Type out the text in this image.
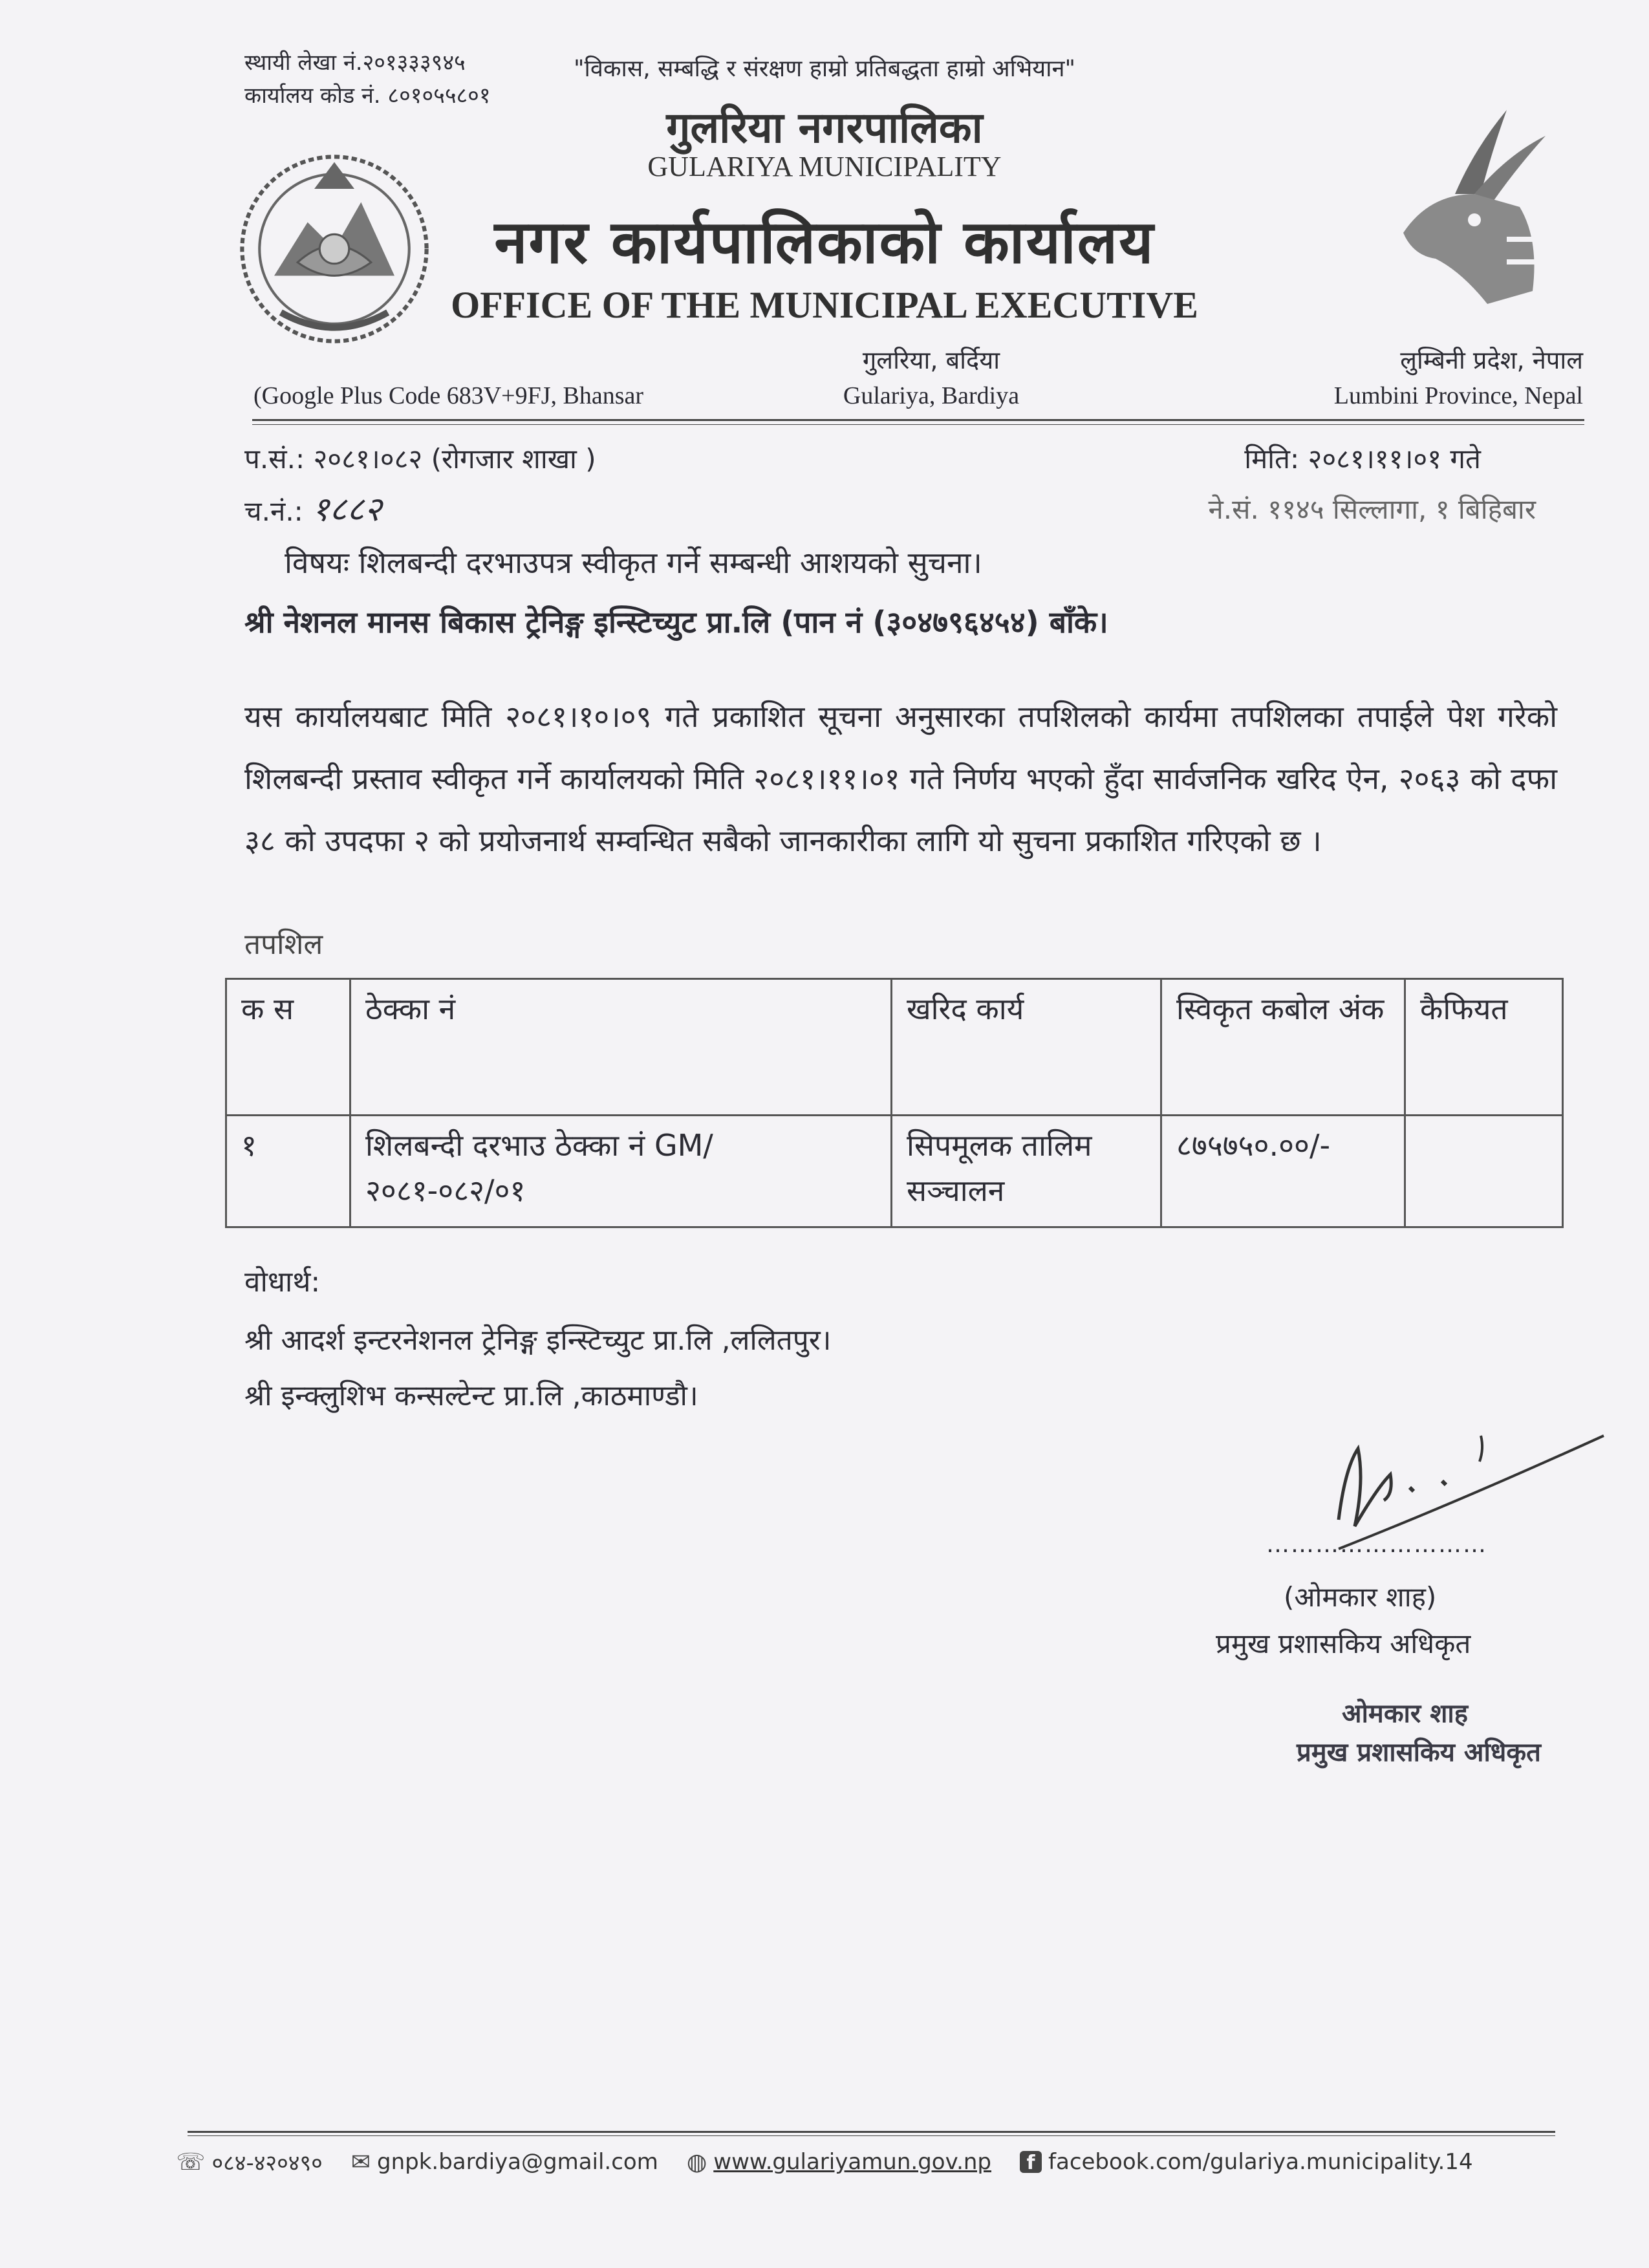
स्थायी लेखा नं.२०१३३३९४५
कार्यालय कोड नं. ८०१०५५८०१
"विकास, सम्बद्धि र संरक्षण हाम्रो प्रतिबद्धता हाम्रो अभियान"
गुलरिया नगरपालिका
GULARIYA MUNICIPALITY
नगर कार्यपालिकाको कार्यालय
OFFICE OF THE MUNICIPAL EXECUTIVE
गुलरिया, बर्दिया
Gulariya, Bardiya
(Google Plus Code 683V+9FJ, Bhansar
लुम्बिनी प्रदेश, नेपाल
Lumbini Province, Nepal
प.सं.: २०८१।०८२ (रोगजार शाखा )	मिति: २०८१।११।०१ गते
च.नं.: १८८२	ने.सं. ११४५ सिल्लागा, १ बिहिबार
विषयः शिलबन्दी दरभाउपत्र स्वीकृत गर्ने सम्बन्धी आशयको सुचना।
श्री नेशनल मानस बिकास ट्रेनिङ्ग इन्स्टिच्युट प्रा.लि (पान नं (३०४७९६४५४) बाँके।
यस कार्यालयबाट मिति २०८१।१०।०९ गते प्रकाशित सूचना अनुसारका तपशिलको कार्यमा तपशिलका तपाईले पेश गरेको शिलबन्दी प्रस्ताव स्वीकृत गर्ने कार्यालयको मिति २०८१।११।०१ गते निर्णय भएको हुँदा सार्वजनिक खरिद ऐन, २०६३ को दफा ३८ को उपदफा २ को प्रयोजनार्थ सम्वन्धित सबैको जानकारीका लागि यो सुचना प्रकाशित गरिएको छ ।
तपशिल
क स	ठेक्का नं	खरिद कार्य	स्विकृत कबोल अंक	कैफियत
१	शिलबन्दी दरभाउ ठेक्का नं GM/ २०८१-०८२/०१	सिपमूलक तालिम सञ्चालन	८७५७५०.००/-	
वोधार्थ:
श्री आदर्श इन्टरनेशनल ट्रेनिङ्ग इन्स्टिच्युट प्रा.लि ,ललितपुर।
श्री इन्क्लुशिभ कन्सल्टेन्ट प्रा.लि ,काठमाण्डौ।
………………………
(ओमकार शाह)
प्रमुख प्रशासकिय अधिकृत
ओमकार शाह
प्रमुख प्रशासकिय अधिकृत
☏ ०८४-४२०४९० ✉ gnpk.bardiya@gmail.com ◍ www.gulariyamun.gov.np	f facebook.com/gulariya.municipality.14
